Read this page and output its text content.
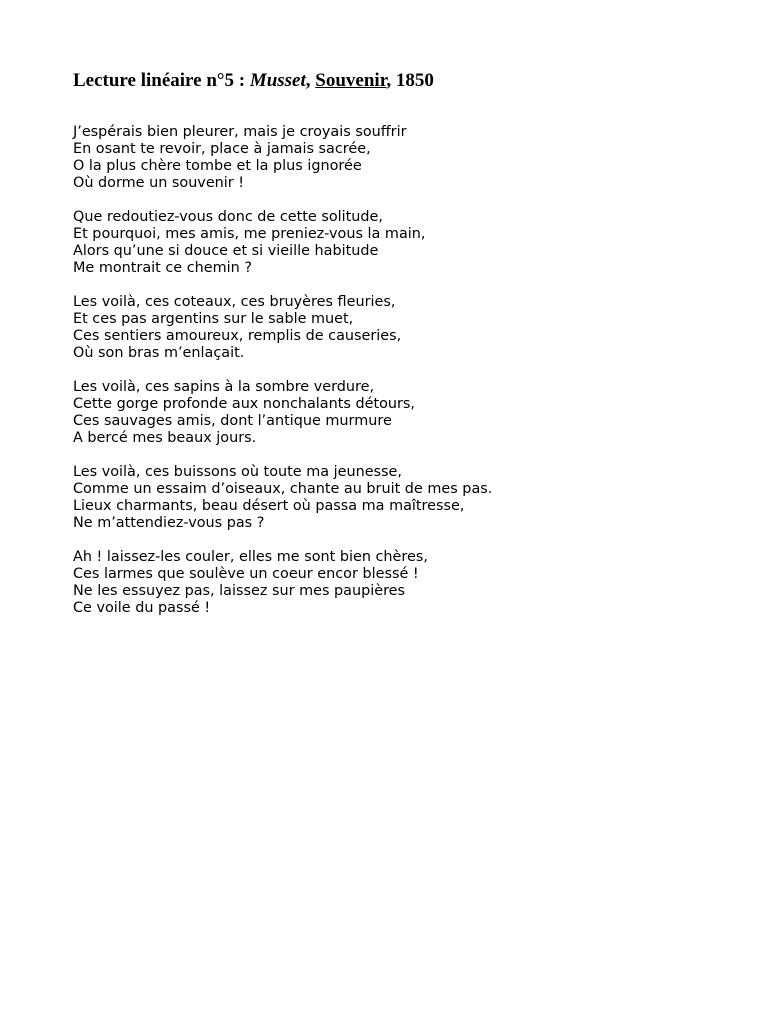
Lecture linéaire n°5 : Musset, Souvenir, 1850
J’espérais bien pleurer, mais je croyais souffrir
En osant te revoir, place à jamais sacrée,
O la plus chère tombe et la plus ignorée
Où dorme un souvenir !
Que redoutiez-vous donc de cette solitude,
Et pourquoi, mes amis, me preniez-vous la main,
Alors qu’une si douce et si vieille habitude
Me montrait ce chemin ?
Les voilà, ces coteaux, ces bruyères fleuries,
Et ces pas argentins sur le sable muet,
Ces sentiers amoureux, remplis de causeries,
Où son bras m’enlaçait.
Les voilà, ces sapins à la sombre verdure,
Cette gorge profonde aux nonchalants détours,
Ces sauvages amis, dont l’antique murmure
A bercé mes beaux jours.
Les voilà, ces buissons où toute ma jeunesse,
Comme un essaim d’oiseaux, chante au bruit de mes pas.
Lieux charmants, beau désert où passa ma maîtresse,
Ne m’attendiez-vous pas ?
Ah ! laissez-les couler, elles me sont bien chères,
Ces larmes que soulève un coeur encor blessé !
Ne les essuyez pas, laissez sur mes paupières
Ce voile du passé !
